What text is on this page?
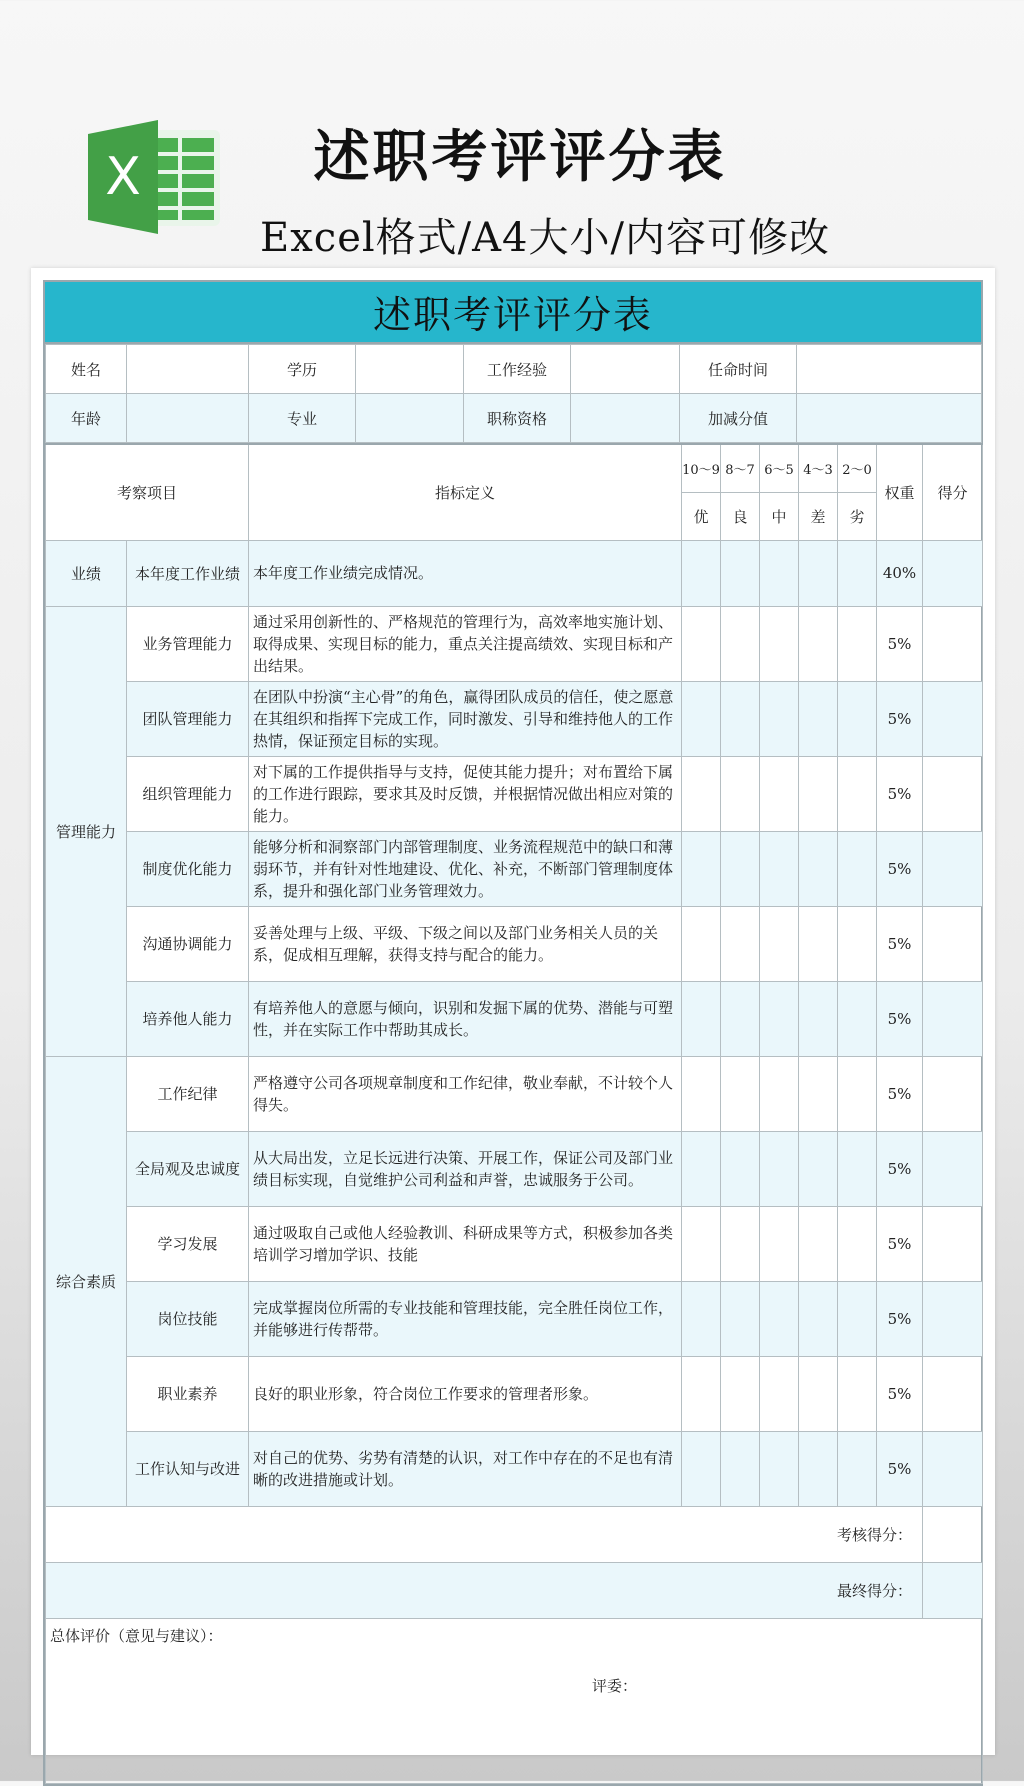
X	述职考评评分表
Excel格式/A4大小/内容可修改
述职考评评分表
姓名		学历		工作经验		任命时间	
年龄		专业		职称资格		加减分值	
考察项目		指标定义	10～9	8～7	6～5	4～3	2～0	权重	得分
			优	良	中	差	劣		
业绩	本年度工作业绩	本年度工作业绩完成情况。						40%	
管理能力	业务管理能力	通过采用创新性的、严格规范的管理行为，高效率地实施计划、取得成果、实现目标的能力，重点关注提高绩效、实现目标和产出结果。						5%	
	团队管理能力	在团队中扮演“主心骨”的角色，赢得团队成员的信任，使之愿意在其组织和指挥下完成工作，同时激发、引导和维持他人的工作热情，保证预定目标的实现。						5%	
	组织管理能力	对下属的工作提供指导与支持，促使其能力提升；对布置给下属的工作进行跟踪，要求其及时反馈，并根据情况做出相应对策的能力。						5%	
	制度优化能力	能够分析和洞察部门内部管理制度、业务流程规范中的缺口和薄弱环节，并有针对性地建设、优化、补充，不断部门管理制度体系，提升和强化部门业务管理效力。						5%	
	沟通协调能力	妥善处理与上级、平级、下级之间以及部门业务相关人员的关系，促成相互理解，获得支持与配合的能力。						5%	
	培养他人能力	有培养他人的意愿与倾向，识别和发掘下属的优势、潜能与可塑性，并在实际工作中帮助其成长。						5%	
综合素质	工作纪律	严格遵守公司各项规章制度和工作纪律，敬业奉献，不计较个人得失。						5%	
	全局观及忠诚度	从大局出发，立足长远进行决策、开展工作，保证公司及部门业绩目标实现，自觉维护公司利益和声誉，忠诚服务于公司。						5%	
	学习发展	通过吸取自己或他人经验教训、科研成果等方式，积极参加各类培训学习增加学识、技能						5%	
	岗位技能	完成掌握岗位所需的专业技能和管理技能，完全胜任岗位工作，并能够进行传帮带。						5%	
	职业素养	良好的职业形象，符合岗位工作要求的管理者形象。						5%	
	工作认知与改进	对自己的优势、劣势有清楚的认识，对工作中存在的不足也有清晰的改进措施或计划。						5%	
考核得分：									
最终得分：									
总体评价（意见与建议）：
评委：									
